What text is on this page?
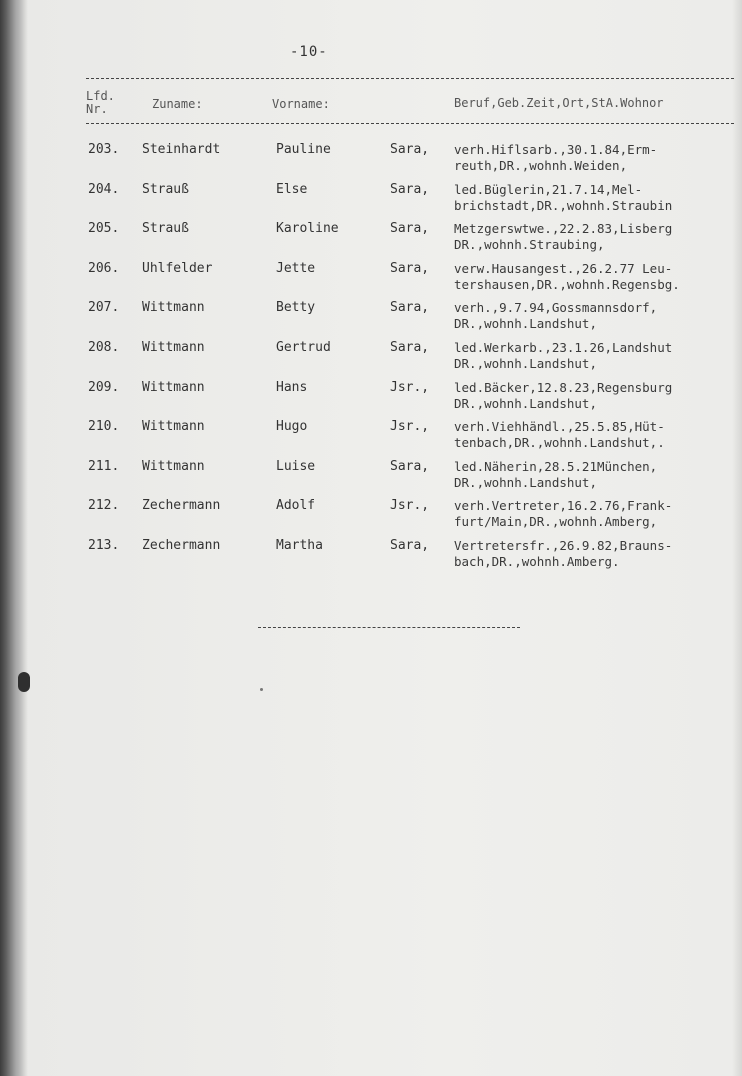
-10-
Lfd.
Nr.	Zuname:	Vorname:	Beruf,Geb.Zeit,Ort,StA.Wohnor
203. Steinhardt	Pauline	Sara, verh.Hiflsarb.,30.1.84,Erm-
reuth,DR.,wohnh.Weiden,
204. Strauß	Else	Sara, led.Büglerin,21.7.14,Mel-
brichstadt,DR.,wohnh.Straubin
205. Strauß	Karoline	Sara, Metzgerswtwe.,22.2.83,Lisberg
DR.,wohnh.Straubing,
206. Uhlfelder	Jette	Sara, verw.Hausangest.,26.2.77 Leu-
tershausen,DR.,wohnh.Regensbg.
207. Wittmann	Betty	Sara, verh.,9.7.94,Gossmannsdorf,
DR.,wohnh.Landshut,
208. Wittmann	Gertrud	Sara, led.Werkarb.,23.1.26,Landshut
DR.,wohnh.Landshut,
209. Wittmann	Hans	Jsr., led.Bäcker,12.8.23,Regensburg
DR.,wohnh.Landshut,
210. Wittmann	Hugo	Jsr., verh.Viehhändl.,25.5.85,Hüt-
tenbach,DR.,wohnh.Landshut,.
211. Wittmann	Luise	Sara, led.Näherin,28.5.21München,
DR.,wohnh.Landshut,
212. Zechermann	Adolf	Jsr., verh.Vertreter,16.2.76,Frank-
furt/Main,DR.,wohnh.Amberg,
213. Zechermann	Martha	Sara, Vertretersfr.,26.9.82,Brauns-
bach,DR.,wohnh.Amberg.
